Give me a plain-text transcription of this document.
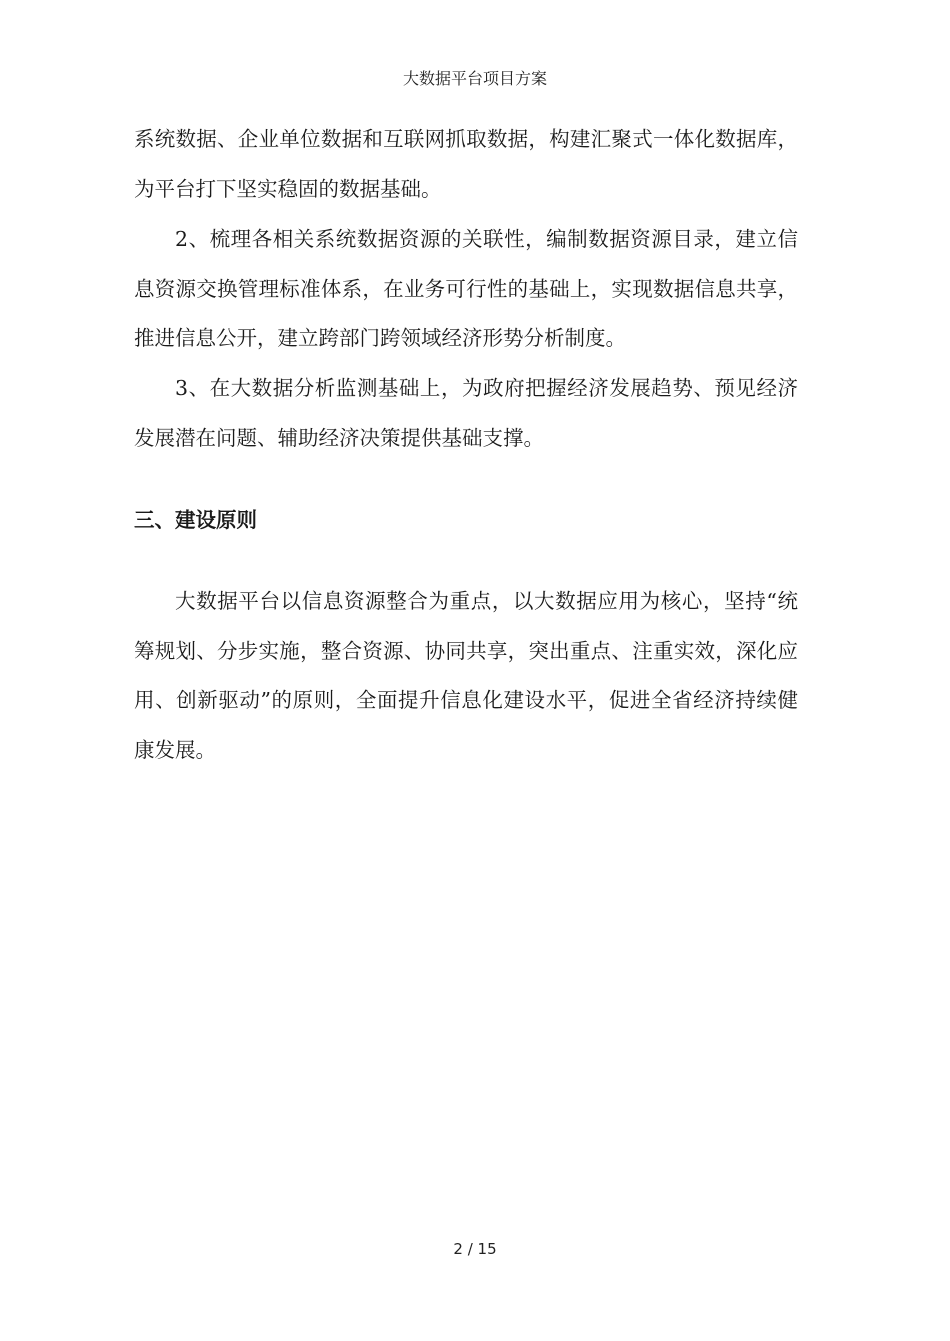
大数据平台项目方案

系统数据、企业单位数据和互联网抓取数据，构建汇聚式一体化数据库，为平台打下坚实稳固的数据基础。

2、梳理各相关系统数据资源的关联性，编制数据资源目录，建立信息资源交换管理标准体系，在业务可行性的基础上，实现数据信息共享，推进信息公开，建立跨部门跨领域经济形势分析制度。

3、在大数据分析监测基础上，为政府把握经济发展趋势、预见经济发展潜在问题、辅助经济决策提供基础支撑。

三、建设原则

大数据平台以信息资源整合为重点，以大数据应用为核心，坚持“统筹规划、分步实施，整合资源、协同共享，突出重点、注重实效，深化应用、创新驱动”的原则，全面提升信息化建设水平，促进全省经济持续健康发展。

2 / 15
